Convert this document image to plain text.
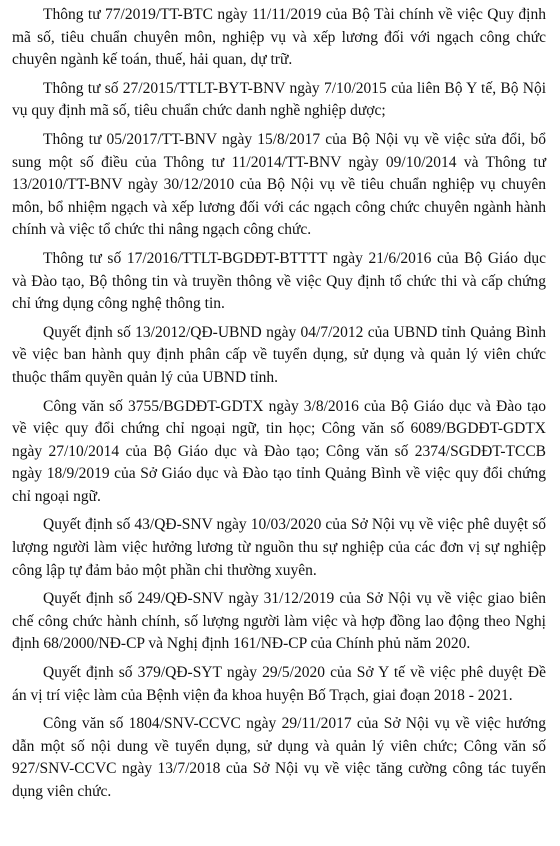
Thông tư 77/2019/TT-BTC ngày 11/11/2019 của Bộ Tài chính về việc Quy định mã số, tiêu chuẩn chuyên môn, nghiệp vụ và xếp lương đối với ngạch công chức chuyên ngành kế toán, thuế, hải quan, dự trữ.

Thông tư số 27/2015/TTLT-BYT-BNV ngày 7/10/2015 của liên Bộ Y tế, Bộ Nội vụ quy định mã số, tiêu chuẩn chức danh nghề nghiệp dược;

Thông tư 05/2017/TT-BNV ngày 15/8/2017 của Bộ Nội vụ về việc sửa đổi, bổ sung một số điều của Thông tư 11/2014/TT-BNV ngày 09/10/2014 và Thông tư 13/2010/TT-BNV ngày 30/12/2010 của Bộ Nội vụ về tiêu chuẩn nghiệp vụ chuyên môn, bổ nhiệm ngạch và xếp lương đối với các ngạch công chức chuyên ngành hành chính và việc tổ chức thi nâng ngạch công chức.

Thông tư số 17/2016/TTLT-BGDĐT-BTTTT ngày 21/6/2016 của Bộ Giáo dục và Đào tạo, Bộ thông tin và truyền thông về việc Quy định tổ chức thi và cấp chứng chỉ ứng dụng công nghệ thông tin.

Quyết định số 13/2012/QĐ-UBND ngày 04/7/2012 của UBND tỉnh Quảng Bình về việc ban hành quy định phân cấp về tuyển dụng, sử dụng và quản lý viên chức thuộc thẩm quyền quản lý của UBND tỉnh.

Công văn số 3755/BGDĐT-GDTX ngày 3/8/2016 của Bộ Giáo dục và Đào tạo về việc quy đổi chứng chỉ ngoại ngữ, tin học; Công văn số 6089/BGDĐT-GDTX ngày 27/10/2014 của Bộ Giáo dục và Đào tạo; Công văn số 2374/SGDĐT-TCCB ngày 18/9/2019 của Sở Giáo dục và Đào tạo tỉnh Quảng Bình về việc quy đổi chứng chỉ ngoại ngữ.

Quyết định số 43/QĐ-SNV ngày 10/03/2020 của Sở Nội vụ về việc phê duyệt số lượng người làm việc hưởng lương từ nguồn thu sự nghiệp của các đơn vị sự nghiệp công lập tự đảm bảo một phần chi thường xuyên.

Quyết định số 249/QĐ-SNV ngày 31/12/2019 của Sở Nội vụ về việc giao biên chế công chức hành chính, số lượng người làm việc và hợp đồng lao động theo Nghị định 68/2000/NĐ-CP và Nghị định 161/NĐ-CP của Chính phủ năm 2020.

Quyết định số 379/QĐ-SYT ngày 29/5/2020 của Sở Y tế về việc phê duyệt Đề án vị trí việc làm của Bệnh viện đa khoa huyện Bố Trạch, giai đoạn 2018 - 2021.

Công văn số 1804/SNV-CCVC ngày 29/11/2017 của Sở Nội vụ về việc hướng dẫn một số nội dung về tuyển dụng, sử dụng và quản lý viên chức; Công văn số 927/SNV-CCVC ngày 13/7/2018 của Sở Nội vụ về việc tăng cường công tác tuyển dụng viên chức.
